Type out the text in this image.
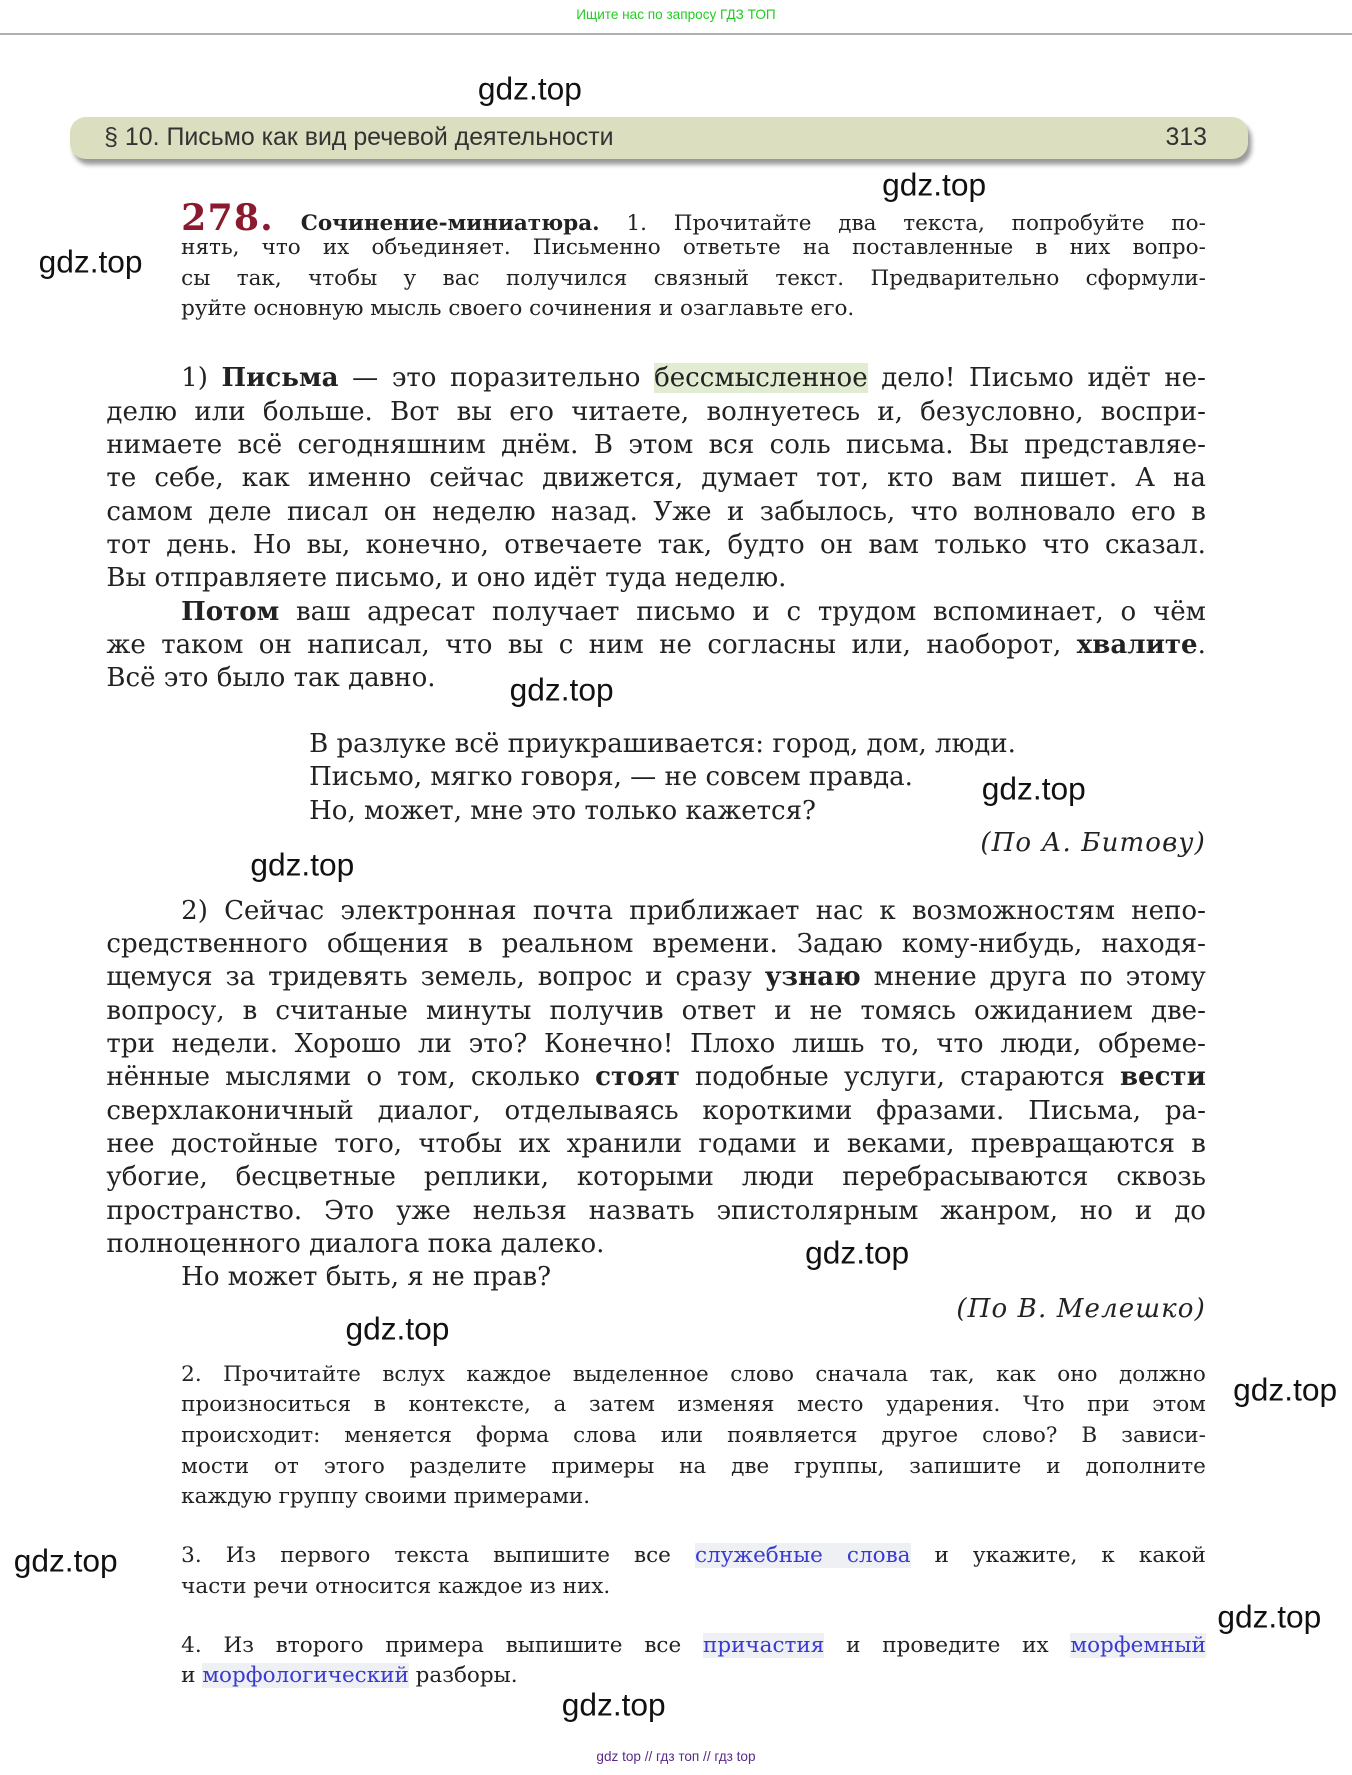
Ищите нас по запросу ГДЗ ТОП
§ 10. Письмо как вид речевой деятельности	313
278. Сочинение-миниатюра. 1. Прочитайте два текста, попробуйте по-
нять, что их объединяет. Письменно ответьте на поставленные в них вопро-
сы так, чтобы у вас получился связный текст. Предварительно сформули-
руйте основную мысль своего сочинения и озаглавьте его.
1) Письма — это поразительно бессмысленное дело! Письмо идёт не-
делю или больше. Вот вы его читаете, волнуетесь и, безусловно, воспри-
нимаете всё сегодняшним днём. В этом вся соль письма. Вы представляе-
те себе, как именно сейчас движется, думает тот, кто вам пишет. А на
самом деле писал он неделю назад. Уже и забылось, что волновало его в
тот день. Но вы, конечно, отвечаете так, будто он вам только что сказал.
Вы отправляете письмо, и оно идёт туда неделю.
Потом ваш адресат получает письмо и с трудом вспоминает, о чём
же таком он написал, что вы с ним не согласны или, наоборот, хвалите.
Всё это было так давно.
В разлуке всё приукрашивается: город, дом, люди.
Письмо, мягко говоря, — не совсем правда.
Но, может, мне это только кажется?
(По А. Битову)
2) Сейчас электронная почта приближает нас к возможностям непо-
средственного общения в реальном времени. Задаю кому-нибудь, находя-
щемуся за тридевять земель, вопрос и сразу узнаю мнение друга по этому
вопросу, в считаные минуты получив ответ и не томясь ожиданием две-
три недели. Хорошо ли это? Конечно! Плохо лишь то, что люди, обреме-
нённые мыслями о том, сколько стоят подобные услуги, стараются вести
сверхлаконичный диалог, отделываясь короткими фразами. Письма, ра-
нее достойные того, чтобы их хранили годами и веками, превращаются в
убогие, бесцветные реплики, которыми люди перебрасываются сквозь
пространство. Это уже нельзя назвать эпистолярным жанром, но и до
полноценного диалога пока далеко.
Но может быть, я не прав?
(По В. Мелешко)
2. Прочитайте вслух каждое выделенное слово сначала так, как оно должно
произноситься в контексте, а затем изменяя место ударения. Что при этом
происходит: меняется форма слова или появляется другое слово? В зависи-
мости от этого разделите примеры на две группы, запишите и дополните
каждую группу своими примерами.
3. Из первого текста выпишите все служебные слова и укажите, к какой
части речи относится каждое из них.
4. Из второго примера выпишите все причастия и проведите их морфемный
и морфологический разборы.
gdz.top
gdz.top
gdz.top
gdz.top
gdz.top
gdz.top
gdz.top
gdz.top
gdz.top
gdz.top
gdz.top
gdz.top
gdz top // гдз топ // гдз top
